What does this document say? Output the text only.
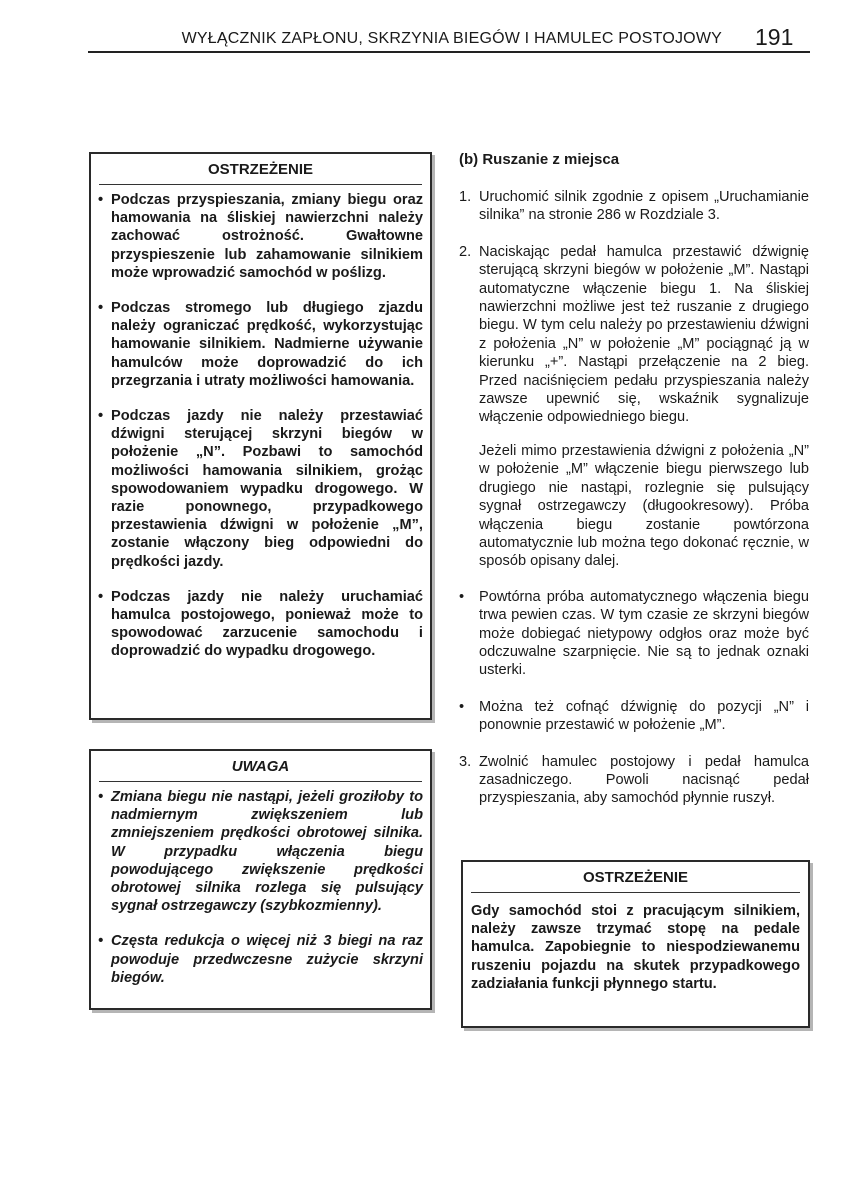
WYŁĄCZNIK ZAPŁONU, SKRZYNIA BIEGÓW I HAMULEC POSTOJOWY 191
OSTRZEŻENIE
• Podczas przyspieszania, zmiany biegu oraz hamowania na śliskiej nawierzchni należy zachować ostrożność. Gwałtowne przyspieszenie lub zahamowanie silnikiem może wprowadzić samochód w poślizg.
• Podczas stromego lub długiego zjazdu należy ograniczać prędkość, wykorzystując hamowanie silnikiem. Nadmierne używanie hamulców może doprowadzić do ich przegrzania i utraty możliwości hamowania.
• Podczas jazdy nie należy przestawiać dźwigni sterującej skrzyni biegów w położenie „N”. Pozbawi to samochód możliwości hamowania silnikiem, grożąc spowodowaniem wypadku drogowego. W razie ponownego, przypadkowego przestawienia dźwigni w położenie „M”, zostanie włączony bieg odpowiedni do prędkości jazdy.
• Podczas jazdy nie należy uruchamiać hamulca postojowego, ponieważ może to spowodować zarzucenie samochodu i doprowadzić do wypadku drogowego.
UWAGA
• Zmiana biegu nie nastąpi, jeżeli groziłoby to nadmiernym zwiększeniem lub zmniejszeniem prędkości obrotowej silnika. W przypadku włączenia biegu powodującego zwiększenie prędkości obrotowej silnika rozlega się pulsujący sygnał ostrzegawczy (szybkozmienny).
• Częsta redukcja o więcej niż 3 biegi na raz powoduje przedwczesne zużycie skrzyni biegów.
(b) Ruszanie z miejsca
1. Uruchomić silnik zgodnie z opisem „Uruchamianie silnika” na stronie 286 w Rozdziale 3.
2. Naciskając pedał hamulca przestawić dźwignię sterującą skrzyni biegów w położenie „M”. Nastąpi automatyczne włączenie biegu 1. Na śliskiej nawierzchni możliwe jest też ruszanie z drugiego biegu. W tym celu należy po przestawieniu dźwigni z położenia „N” w położenie „M” pociągnąć ją w kierunku „+”. Nastąpi przełączenie na 2 bieg. Przed naciśnięciem pedału przyspieszania należy zawsze upewnić się, wskaźnik sygnalizuje włączenie odpowiedniego biegu.
Jeżeli mimo przestawienia dźwigni z położenia „N” w położenie „M” włączenie biegu pierwszego lub drugiego nie nastąpi, rozlegnie się pulsujący sygnał ostrzegawczy (długookresowy). Próba włączenia biegu zostanie powtórzona automatycznie lub można tego dokonać ręcznie, w sposób opisany dalej.
• Powtórna próba automatycznego włączenia biegu trwa pewien czas. W tym czasie ze skrzyni biegów może dobiegać nietypowy odgłos oraz może być odczuwalne szarpnięcie. Nie są to jednak oznaki usterki.
• Można też cofnąć dźwignię do pozycji „N” i ponownie przestawić w położenie „M”.
3. Zwolnić hamulec postojowy i pedał hamulca zasadniczego. Powoli nacisnąć pedał przyspieszania, aby samochód płynnie ruszył.
OSTRZEŻENIE
Gdy samochód stoi z pracującym silnikiem, należy zawsze trzymać stopę na pedale hamulca. Zapobiegnie to niespodziewanemu ruszeniu pojazdu na skutek przypadkowego zadziałania funkcji płynnego startu.
